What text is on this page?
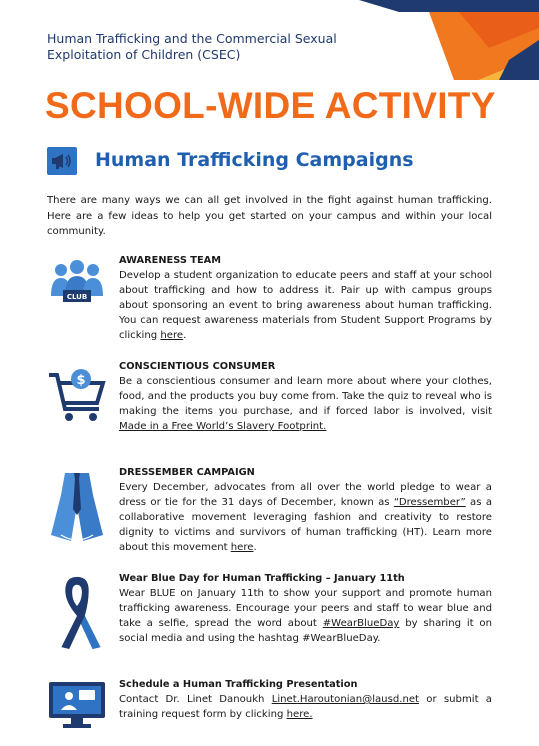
Human Trafficking and the Commercial Sexual Exploitation of Children (CSEC)
SCHOOL-WIDE ACTIVITY
Human Trafficking Campaigns
There are many ways we can all get involved in the fight against human trafficking. Here are a few ideas to help you get started on your campus and within your local community.
CLUB
AWARENESS TEAM
Develop a student organization to educate peers and staff at your school about trafficking and how to address it. Pair up with campus groups about sponsoring an event to bring awareness about human trafficking. You can request awareness materials from Student Support Programs by clicking here.
$
CONSCIENTIOUS CONSUMER
Be a conscientious consumer and learn more about where your clothes, food, and the products you buy come from. Take the quiz to reveal who is making the items you purchase, and if forced labor is involved, visit Made in a Free World’s Slavery Footprint.
DRESSEMBER CAMPAIGN
Every December, advocates from all over the world pledge to wear a dress or tie for the 31 days of December, known as “Dressember” as a collaborative movement leveraging fashion and creativity to restore dignity to victims and survivors of human trafficking (HT). Learn more about this movement here.
Wear Blue Day for Human Trafficking – January 11th
Wear BLUE on January 11th to show your support and promote human trafficking awareness. Encourage your peers and staff to wear blue and take a selfie, spread the word about #WearBlueDay by sharing it on social media and using the hashtag #WearBlueDay.
Schedule a Human Trafficking Presentation
Contact Dr. Linet Danoukh Linet.Haroutonian@lausd.net or submit a training request form by clicking here.
